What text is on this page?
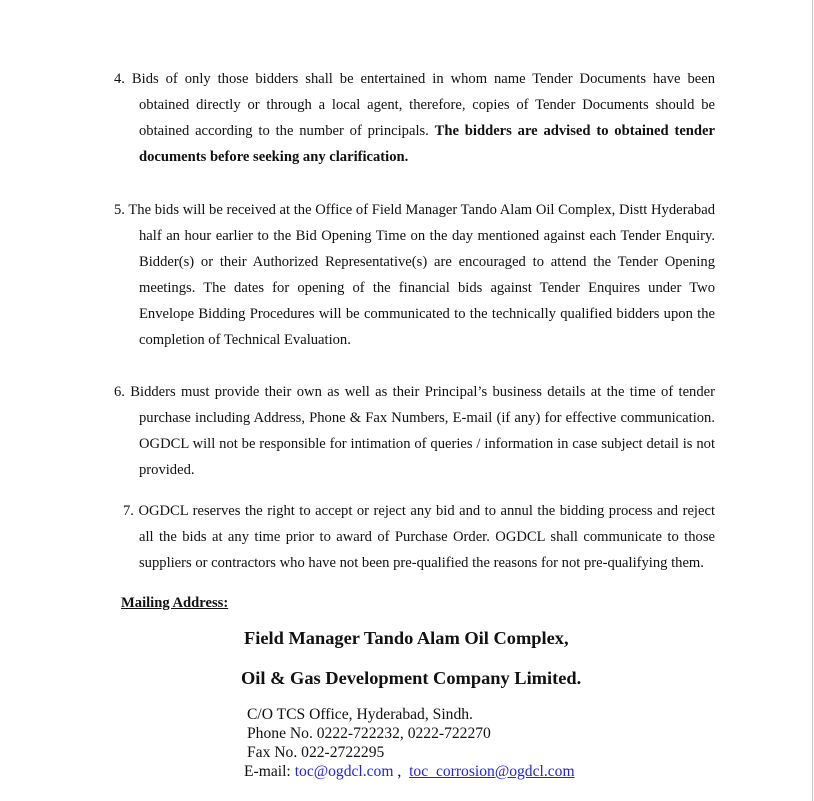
4. Bids of only those bidders shall be entertained in whom name Tender Documents have been obtained directly or through a local agent, therefore, copies of Tender Documents should be obtained according to the number of principals. The bidders are advised to obtained tender documents before seeking any clarification.

5. The bids will be received at the Office of Field Manager Tando Alam Oil Complex, Distt Hyderabad half an hour earlier to the Bid Opening Time on the day mentioned against each Tender Enquiry. Bidder(s) or their Authorized Representative(s) are encouraged to attend the Tender Opening meetings. The dates for opening of the financial bids against Tender Enquires under Two Envelope Bidding Procedures will be communicated to the technically qualified bidders upon the completion of Technical Evaluation.

6. Bidders must provide their own as well as their Principal’s business details at the time of tender purchase including Address, Phone & Fax Numbers, E-mail (if any) for effective communication. OGDCL will not be responsible for intimation of queries / information in case subject detail is not provided.

7. OGDCL reserves the right to accept or reject any bid and to annul the bidding process and reject all the bids at any time prior to award of Purchase Order. OGDCL shall communicate to those suppliers or contractors who have not been pre-qualified the reasons for not pre-qualifying them.

Mailing Address:

Field Manager Tando Alam Oil Complex,

Oil & Gas Development Company Limited.

C/O TCS Office, Hyderabad, Sindh.

Phone No. 0222-722232, 0222-722270

Fax No. 022-2722295

E-mail: toc@ogdcl.com ,  toc_corrosion@ogdcl.com
